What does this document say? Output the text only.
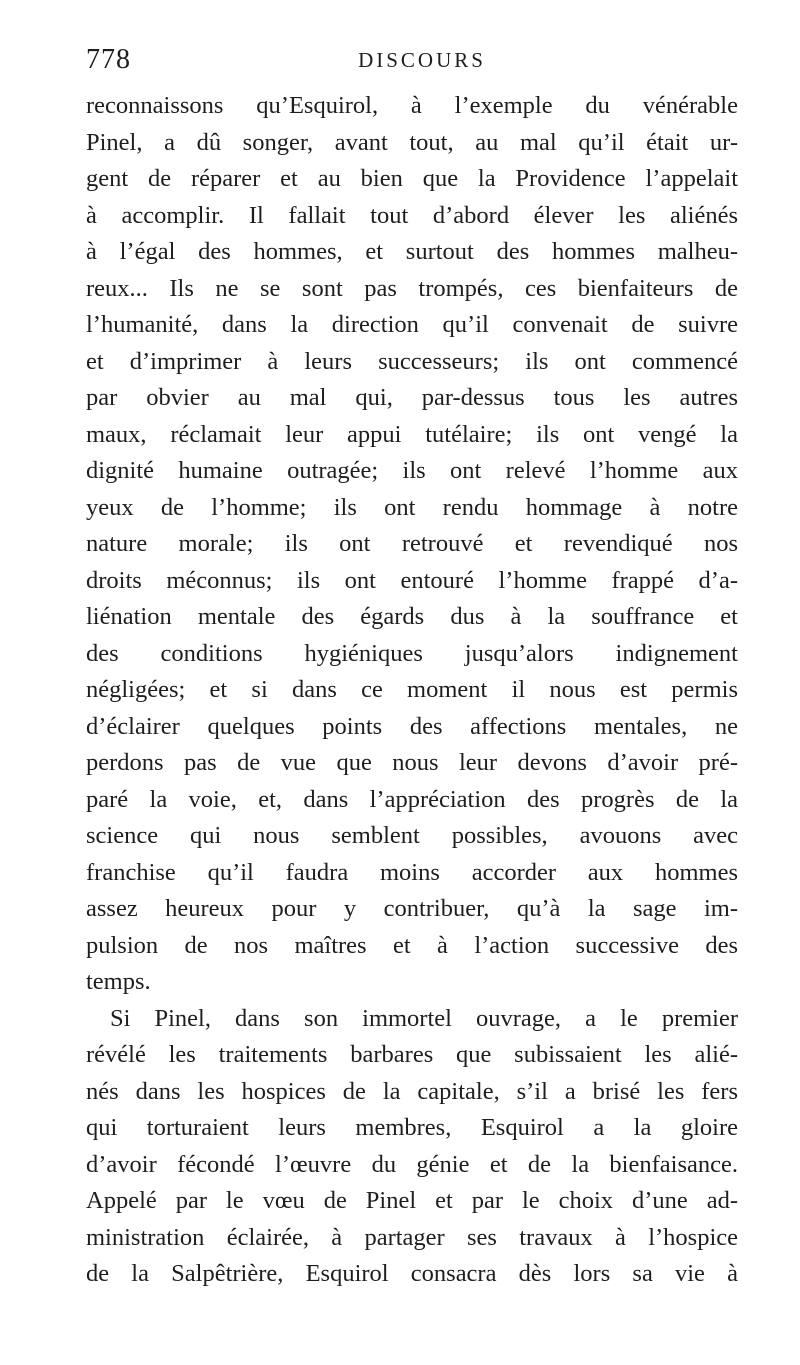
778	DISCOURS
reconnaissons qu’Esquirol, à l’exemple du vénérable
Pinel, a dû songer, avant tout, au mal qu’il était ur-
gent de réparer et au bien que la Providence l’appelait
à accomplir. Il fallait tout d’abord élever les aliénés
à l’égal des hommes, et surtout des hommes malheu-
reux... Ils ne se sont pas trompés, ces bienfaiteurs de
l’humanité, dans la direction qu’il convenait de suivre
et d’imprimer à leurs successeurs; ils ont commencé
par obvier au mal qui, par-dessus tous les autres
maux, réclamait leur appui tutélaire; ils ont vengé la
dignité humaine outragée; ils ont relevé l’homme aux
yeux de l’homme; ils ont rendu hommage à notre
nature morale; ils ont retrouvé et revendiqué nos
droits méconnus; ils ont entouré l’homme frappé d’a-
liénation mentale des égards dus à la souffrance et
des conditions hygiéniques jusqu’alors indignement
négligées; et si dans ce moment il nous est permis
d’éclairer quelques points des affections mentales, ne
perdons pas de vue que nous leur devons d’avoir pré-
paré la voie, et, dans l’appréciation des progrès de la
science qui nous semblent possibles, avouons avec
franchise qu’il faudra moins accorder aux hommes
assez heureux pour y contribuer, qu’à la sage im-
pulsion de nos maîtres et à l’action successive des
temps.
Si Pinel, dans son immortel ouvrage, a le premier
révélé les traitements barbares que subissaient les alié-
nés dans les hospices de la capitale, s’il a brisé les fers
qui torturaient leurs membres, Esquirol a la gloire
d’avoir fécondé l’œuvre du génie et de la bienfaisance.
Appelé par le vœu de Pinel et par le choix d’une ad-
ministration éclairée, à partager ses travaux à l’hospice
de la Salpêtrière, Esquirol consacra dès lors sa vie à
